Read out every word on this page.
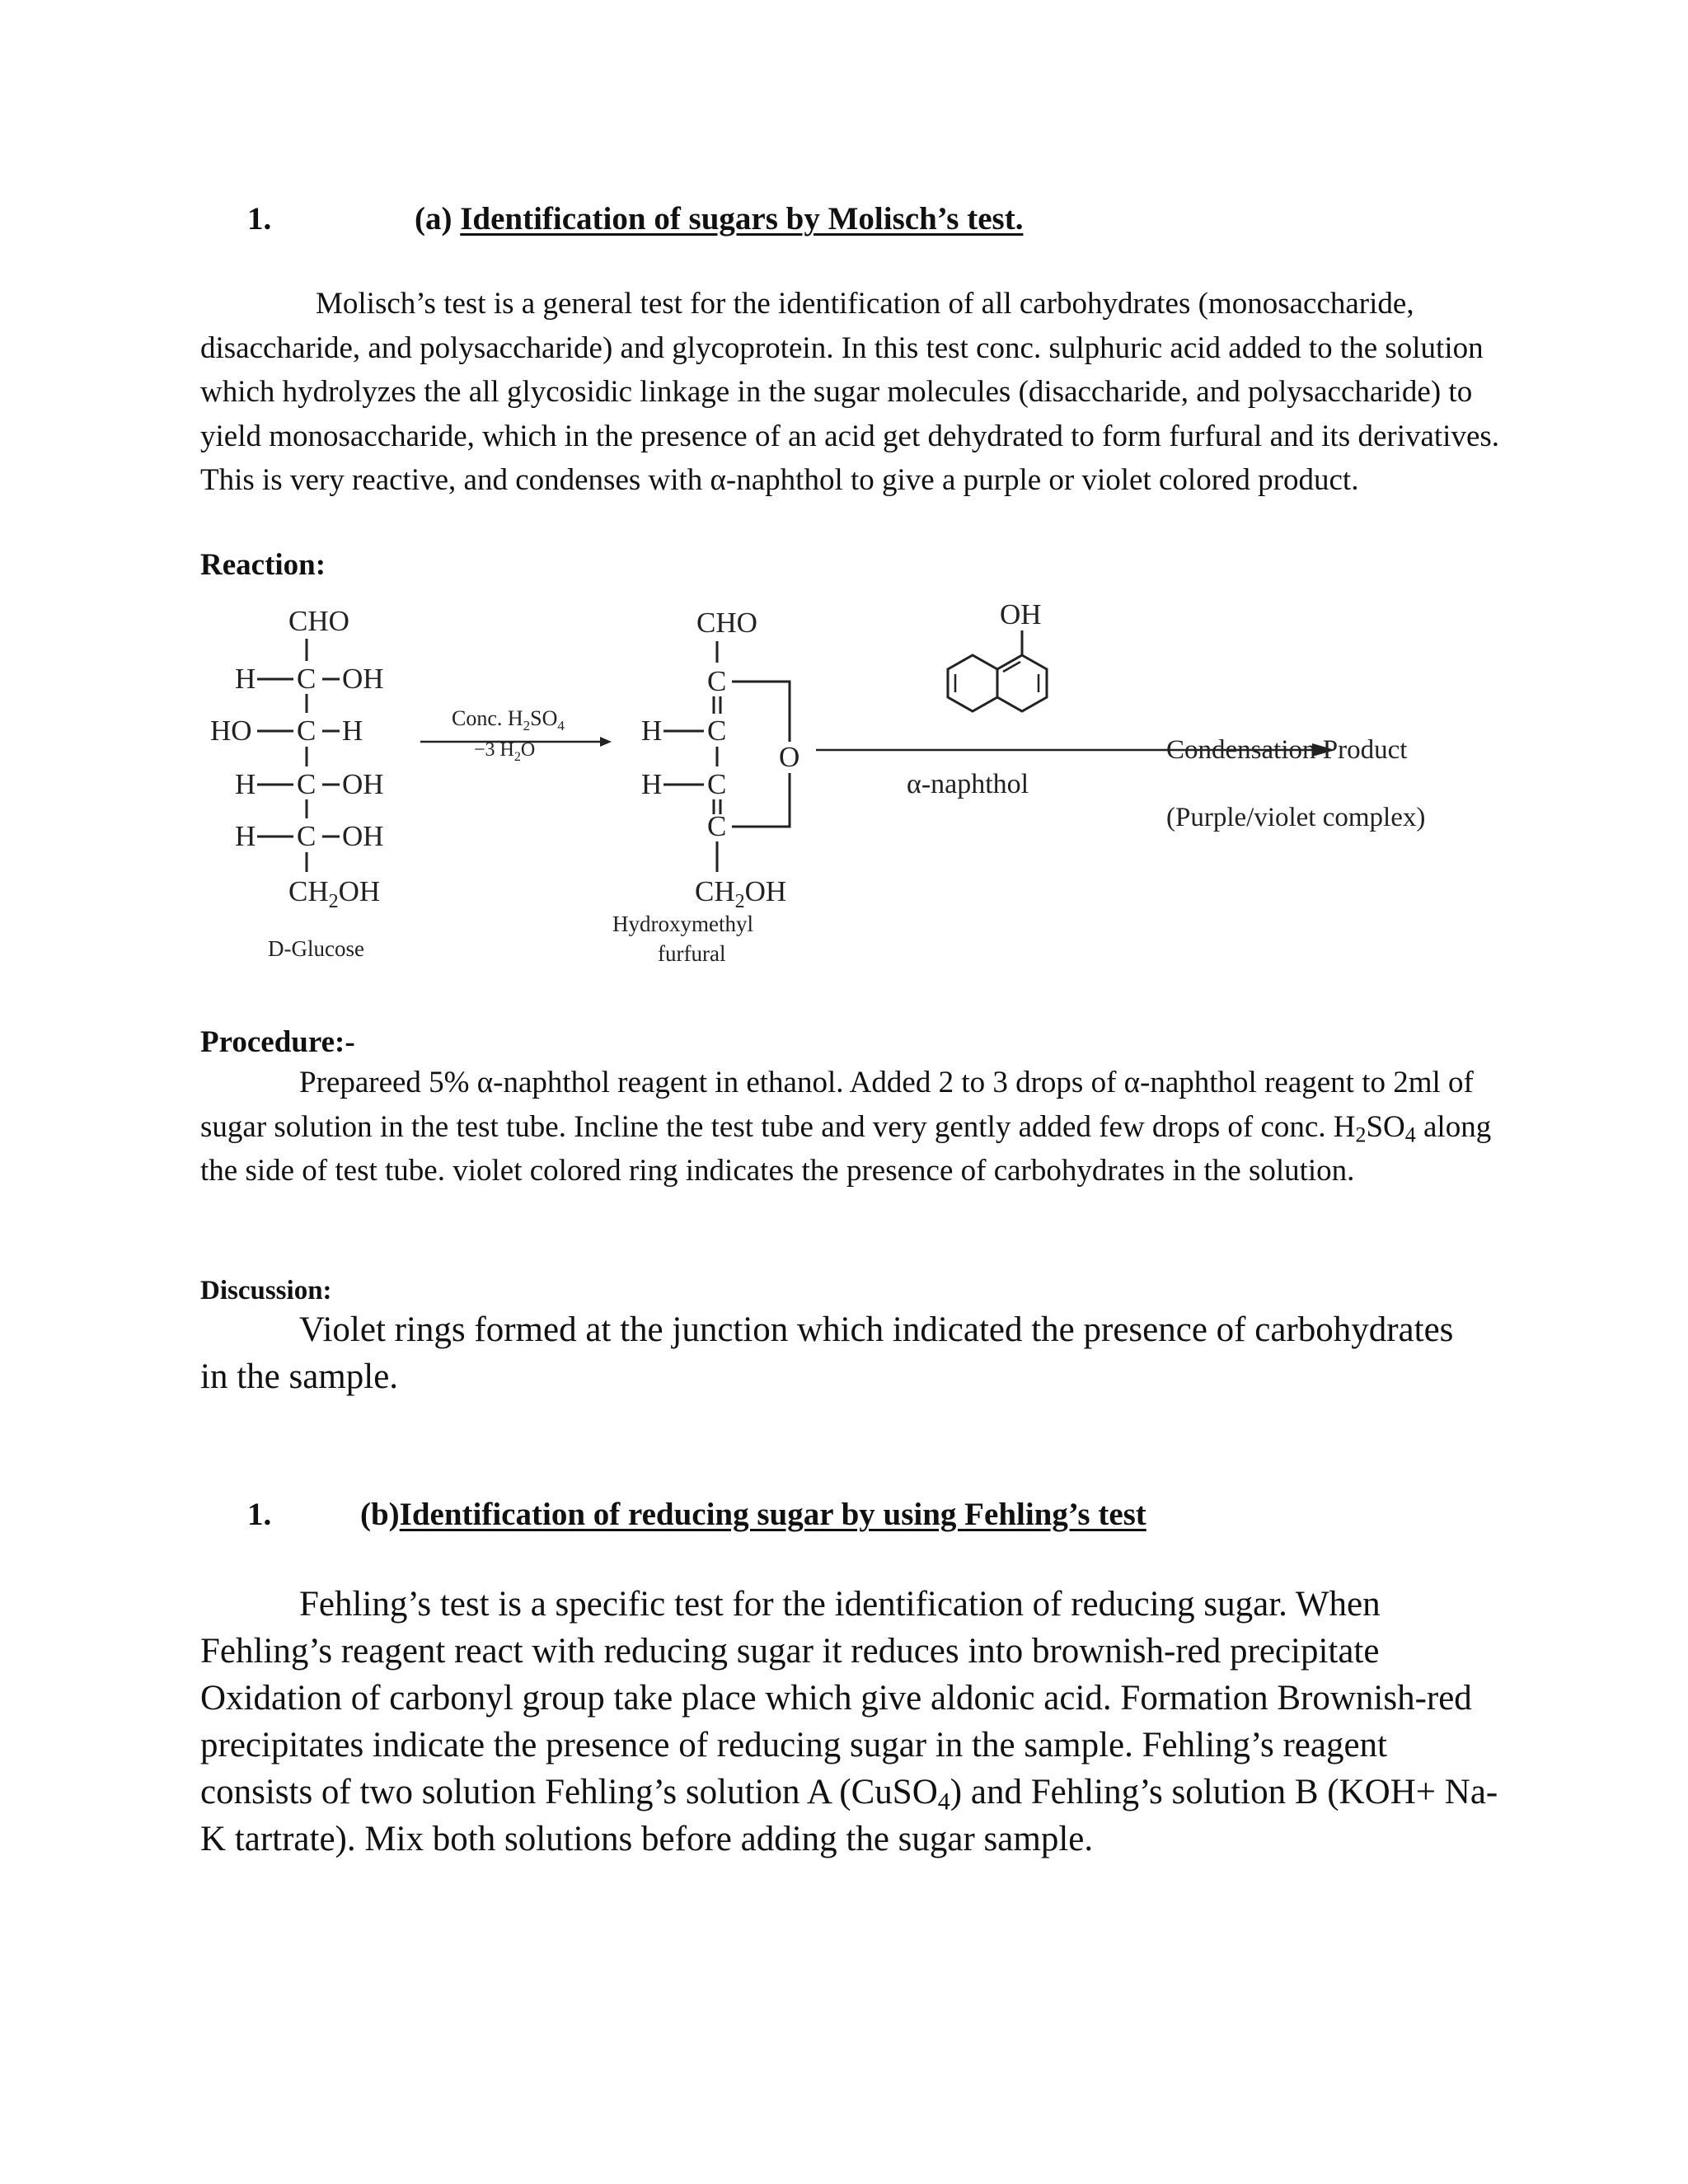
1.	(a) Identification of sugars by Molisch’s test.

Molisch’s test is a general test for the identification of all carbohydrates (monosaccharide, disaccharide, and polysaccharide) and glycoprotein. In this test conc. sulphuric acid added to the solution which hydrolyzes the all glycosidic linkage in the sugar molecules (disaccharide, and polysaccharide) to yield monosaccharide, which in the presence of an acid get dehydrated to form furfural and its derivatives. This is very reactive, and condenses with α-naphthol to give a purple or violet colored product.

Reaction:
CHO
H C OH
HO C H
H C OH
H C OH
$CH_2OH$
D-Glucose
Conc. $H_2SO_4$
−3 $H_2O$
CHO
C
H C
H C
C
O
$CH_2OH$
Hydroxymethyl
furfural
OH
α-naphthol
Condensation Product
(Purple/violet complex)
Procedure:-

Prepareed 5% α-naphthol reagent in ethanol. Added 2 to 3 drops of α-naphthol reagent to 2ml of sugar solution in the test tube. Incline the test tube and very gently added few drops of conc. $H_2SO_4$ along the side of test tube. violet colored ring indicates the presence of carbohydrates in the solution.

Discussion:

Violet rings formed at the junction which indicated the presence of carbohydrates in the sample.

1.	(b)Identification of reducing sugar by using Fehling’s test

Fehling’s test is a specific test for the identification of reducing sugar. When Fehling’s reagent react with reducing sugar it reduces into brownish-red precipitate Oxidation of carbonyl group take place which give aldonic acid. Formation Brownish-red precipitates indicate the presence of reducing sugar in the sample. Fehling’s reagent consists of two solution Fehling’s solution A (CuSO$_4$) and Fehling’s solution B (KOH+ Na-K tartrate). Mix both solutions before adding the sugar sample.
